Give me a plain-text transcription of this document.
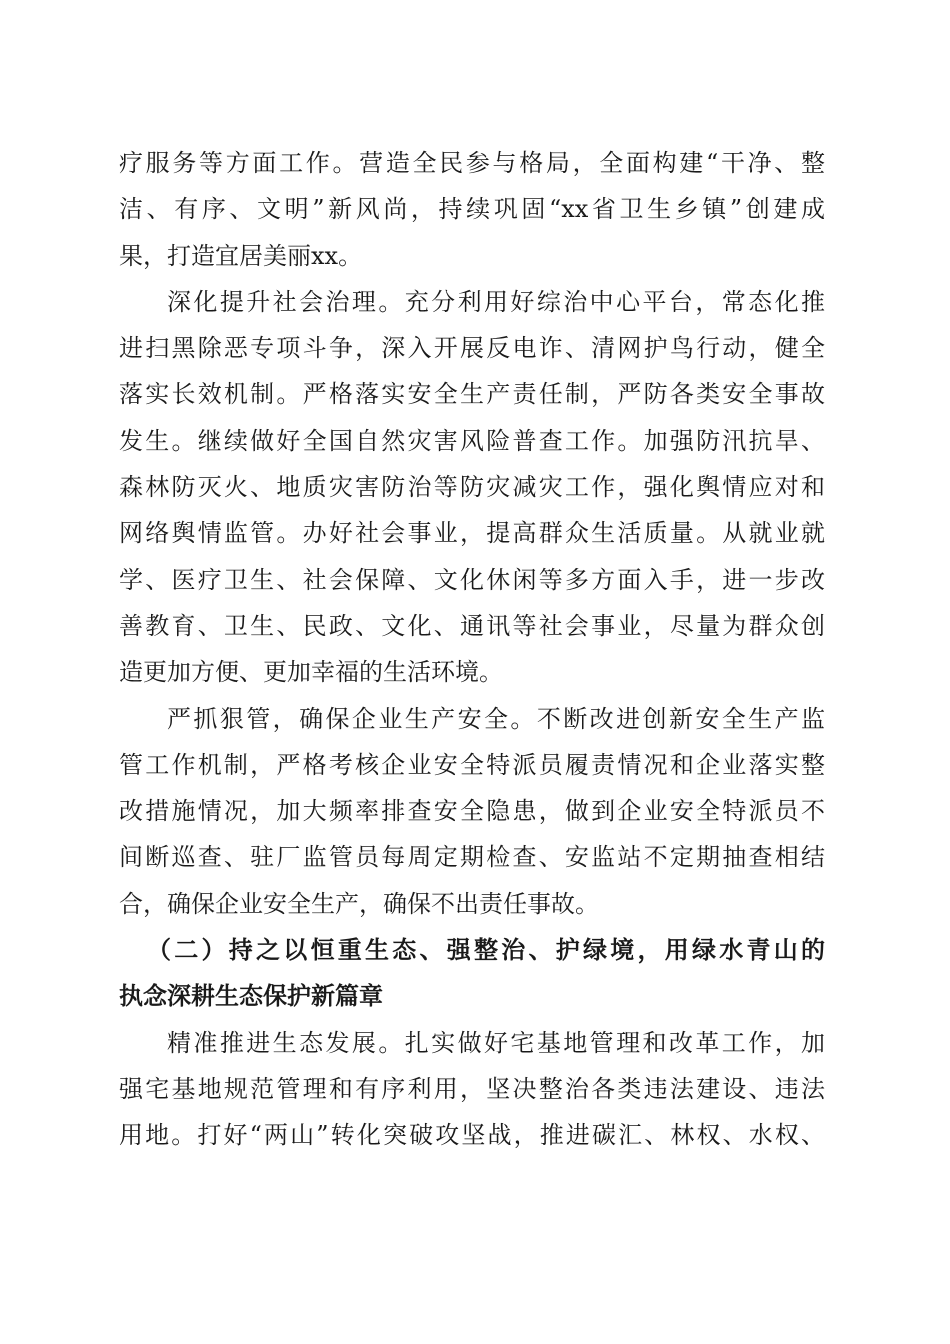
疗服务等方面工作。营造全民参与格局，全面构建“干净、整
洁、有序、文明”新风尚，持续巩固“xx省卫生乡镇”创建成
果，打造宜居美丽xx。
深化提升社会治理。充分利用好综治中心平台，常态化推
进扫黑除恶专项斗争，深入开展反电诈、清网护鸟行动，健全
落实长效机制。严格落实安全生产责任制，严防各类安全事故
发生。继续做好全国自然灾害风险普查工作。加强防汛抗旱、
森林防灭火、地质灾害防治等防灾减灾工作，强化舆情应对和
网络舆情监管。办好社会事业，提高群众生活质量。从就业就
学、医疗卫生、社会保障、文化休闲等多方面入手，进一步改
善教育、卫生、民政、文化、通讯等社会事业，尽量为群众创
造更加方便、更加幸福的生活环境。
严抓狠管，确保企业生产安全。不断改进创新安全生产监
管工作机制，严格考核企业安全特派员履责情况和企业落实整
改措施情况，加大频率排查安全隐患，做到企业安全特派员不
间断巡查、驻厂监管员每周定期检查、安监站不定期抽查相结
合，确保企业安全生产，确保不出责任事故。
（二）持之以恒重生态、强整治、护绿境，用绿水青山的
执念深耕生态保护新篇章
精准推进生态发展。扎实做好宅基地管理和改革工作，加
强宅基地规范管理和有序利用，坚决整治各类违法建设、违法
用地。打好“两山”转化突破攻坚战，推进碳汇、林权、水权、
